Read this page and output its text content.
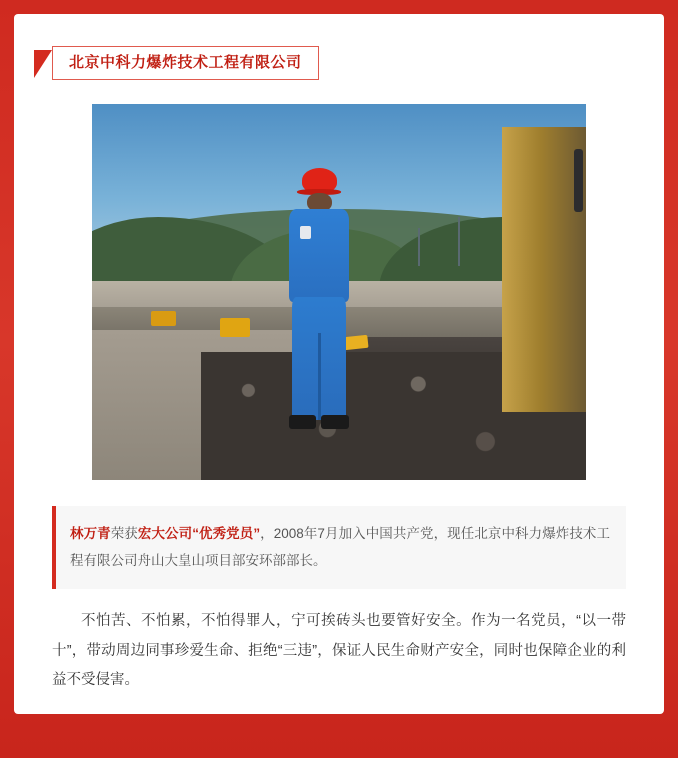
北京中科力爆炸技术工程有限公司
林万青荣获宏大公司“优秀党员”，2008年7月加入中国共产党，现任北京中科力爆炸技术工程有限公司舟山大皇山项目部安环部部长。
不怕苦、不怕累，不怕得罪人，宁可挨砖头也要管好安全。作为一名党员，“以一带十”，带动周边同事珍爱生命、拒绝“三违”，保证人民生命财产安全，同时也保障企业的利益不受侵害。
